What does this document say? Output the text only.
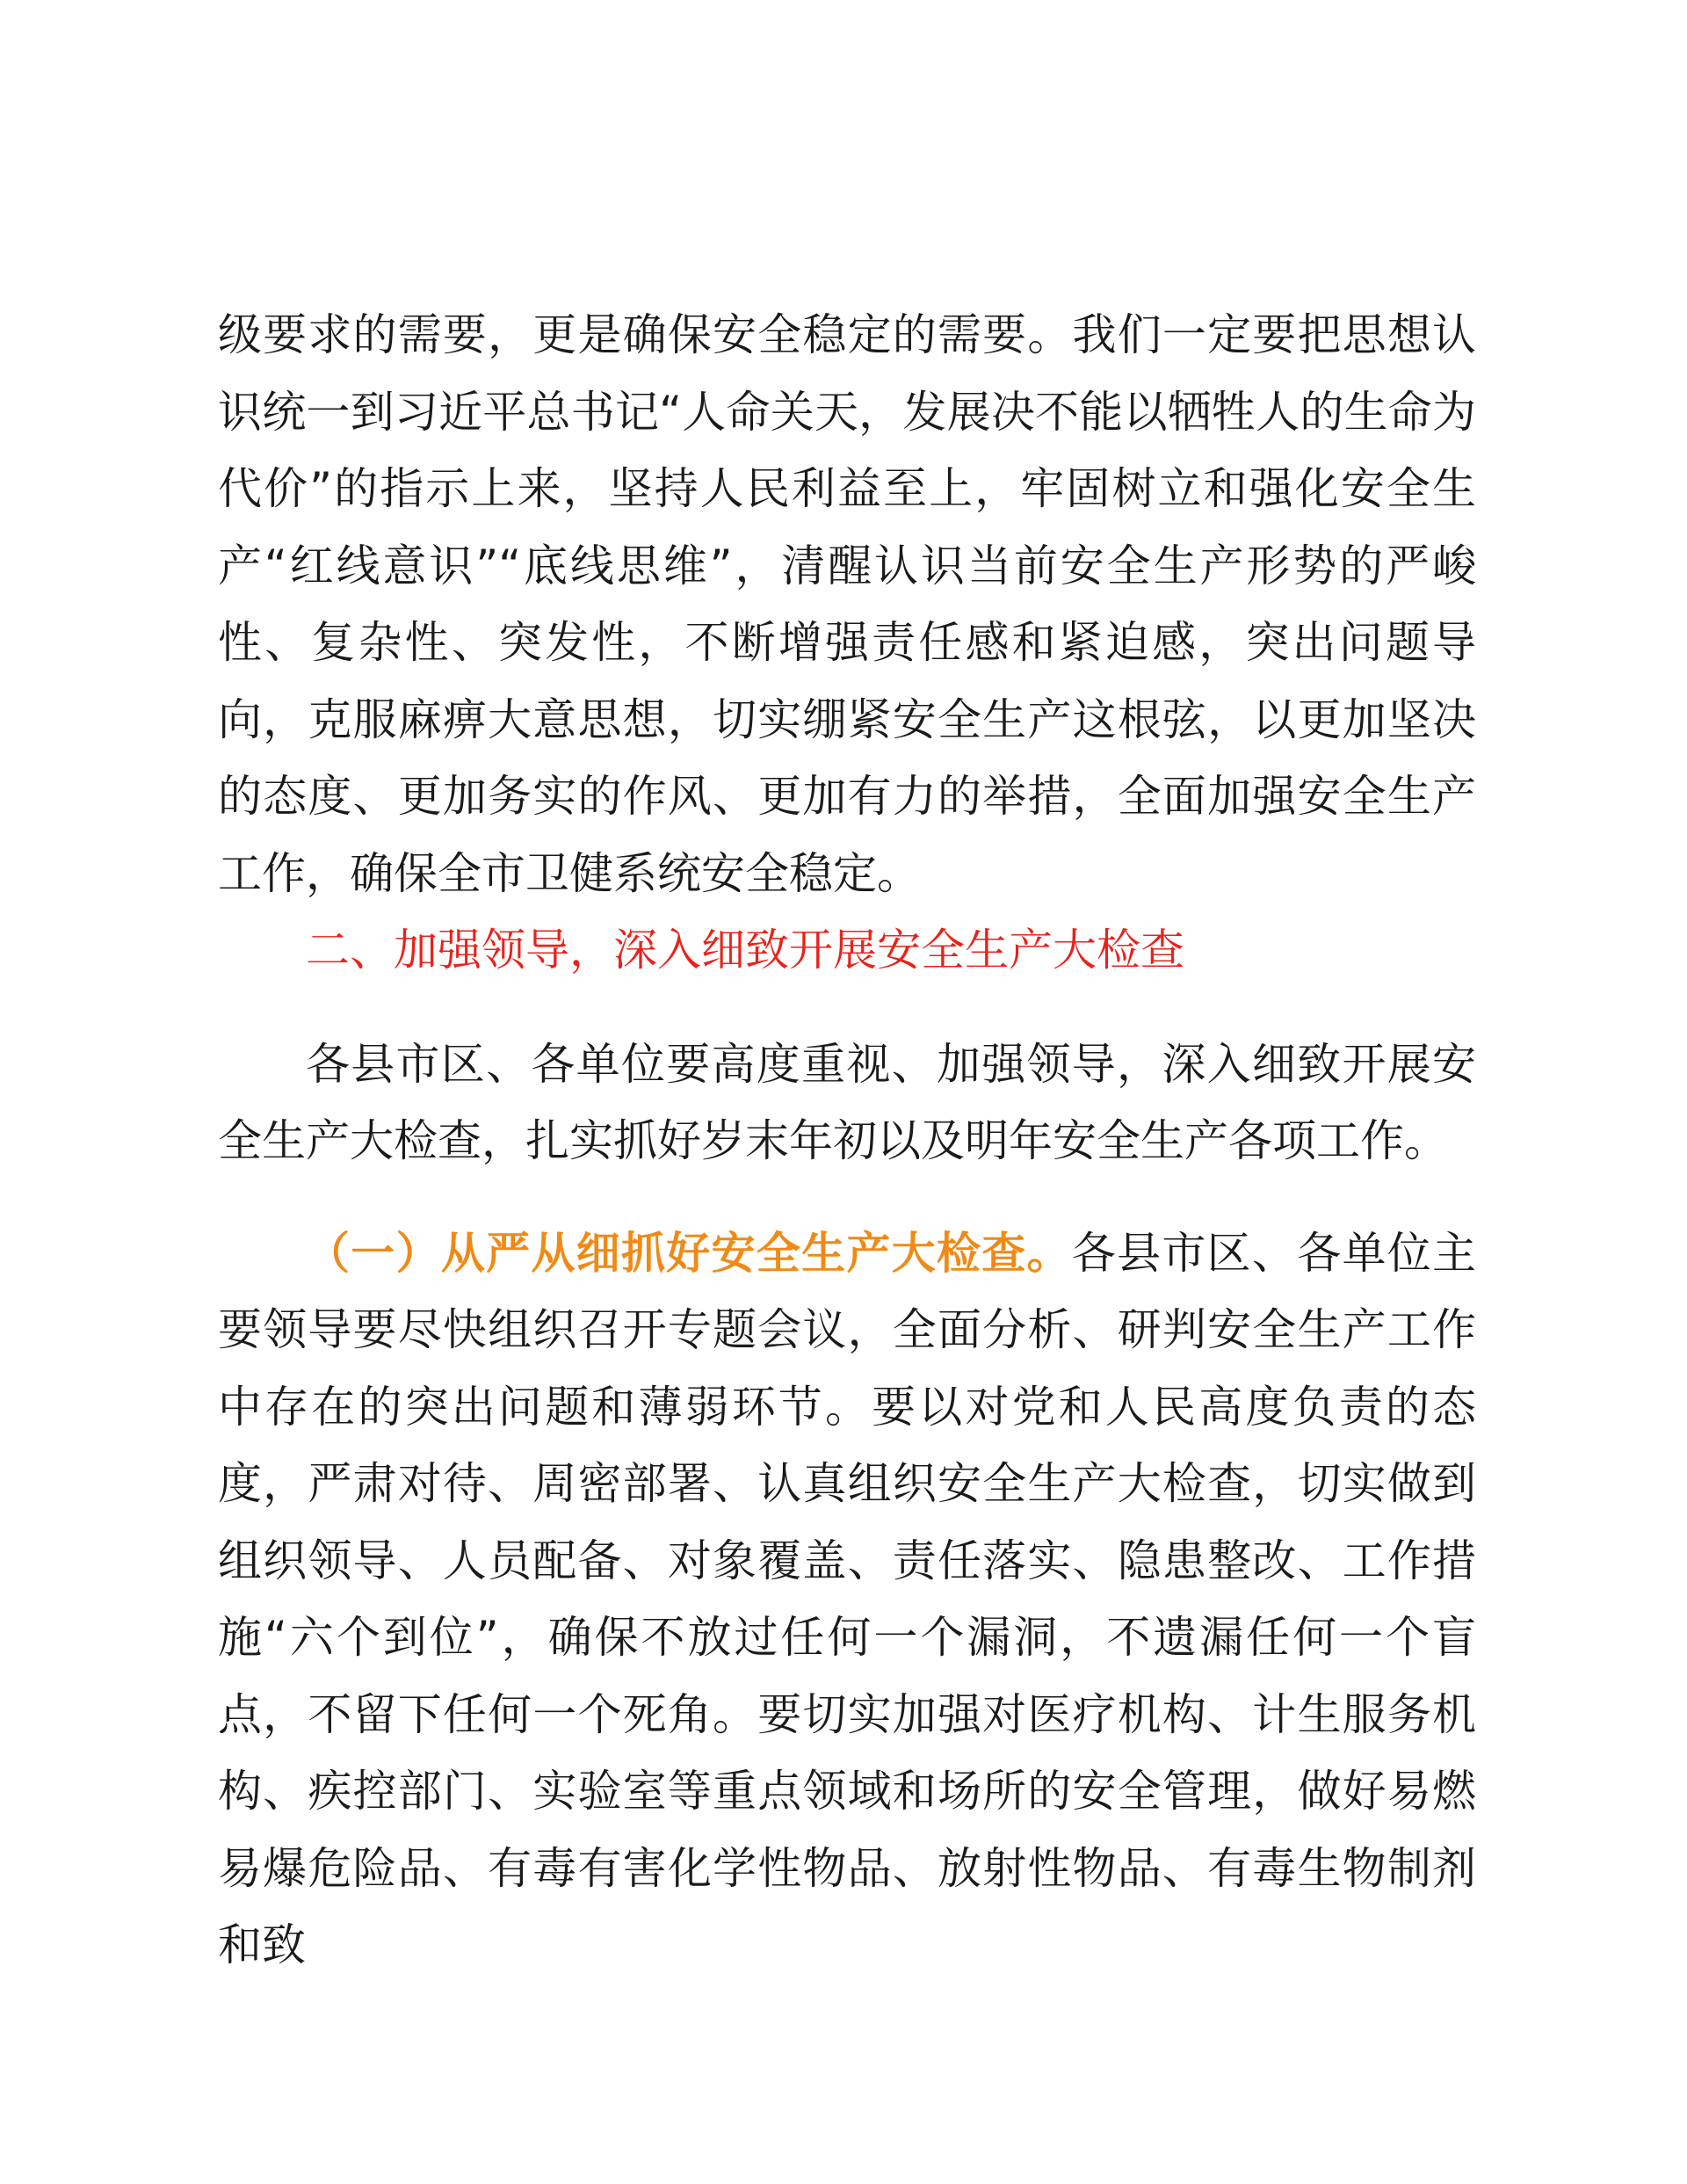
级要求的需要，更是确保安全稳定的需要。我们一定要把思想认识统一到习近平总书记“人命关天，发展决不能以牺牲人的生命为代价”的指示上来，坚持人民利益至上，牢固树立和强化安全生产“红线意识”“底线思维”，清醒认识当前安全生产形势的严峻性、复杂性、突发性，不断增强责任感和紧迫感，突出问题导向，克服麻痹大意思想，切实绷紧安全生产这根弦，以更加坚决的态度、更加务实的作风、更加有力的举措，全面加强安全生产工作，确保全市卫健系统安全稳定。

二、加强领导，深入细致开展安全生产大检查

各县市区、各单位要高度重视、加强领导，深入细致开展安全生产大检查，扎实抓好岁末年初以及明年安全生产各项工作。

（一）从严从细抓好安全生产大检查。各县市区、各单位主要领导要尽快组织召开专题会议，全面分析、研判安全生产工作中存在的突出问题和薄弱环节。要以对党和人民高度负责的态度，严肃对待、周密部署、认真组织安全生产大检查，切实做到组织领导、人员配备、对象覆盖、责任落实、隐患整改、工作措施“六个到位”，确保不放过任何一个漏洞，不遗漏任何一个盲点，不留下任何一个死角。要切实加强对医疗机构、计生服务机构、疾控部门、实验室等重点领域和场所的安全管理，做好易燃易爆危险品、有毒有害化学性物品、放射性物品、有毒生物制剂和致
